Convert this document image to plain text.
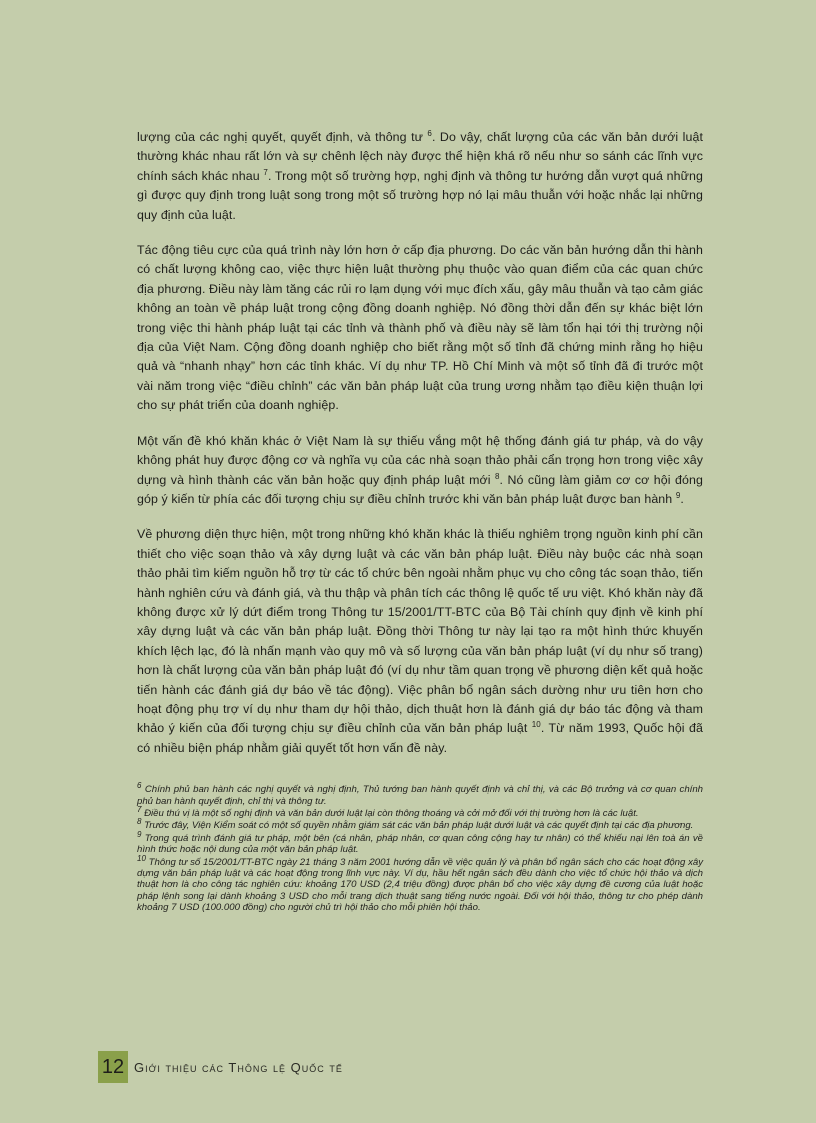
lượng của các nghị quyết, quyết định, và thông tư $^6$. Do vậy, chất lượng của các văn bản dưới luật thường khác nhau rất lớn và sự chênh lệch này được thể hiện khá rõ nếu như so sánh các lĩnh vực chính sách khác nhau $^7$. Trong một số trường hợp, nghị định và thông tư hướng dẫn vượt quá những gì được quy định trong luật song trong một số trường hợp nó lại mâu thuẫn với hoặc nhắc lại những quy định của luật.

Tác động tiêu cực của quá trình này lớn hơn ở cấp địa phương. Do các văn bản hướng dẫn thi hành có chất lượng không cao, việc thực hiện luật thường phụ thuộc vào quan điểm của các quan chức địa phương. Điều này làm tăng các rủi ro lạm dụng với mục đích xấu, gây mâu thuẫn và tạo cảm giác không an toàn về pháp luật trong cộng đồng doanh nghiệp. Nó đồng thời dẫn đến sự khác biệt lớn trong việc thi hành pháp luật tại các tỉnh và thành phố và điều này sẽ làm tổn hại tới thị trường nội địa của Việt Nam. Cộng đồng doanh nghiệp cho biết rằng một số tỉnh đã chứng minh rằng họ hiệu quả và “nhanh nhạy” hơn các tỉnh khác. Ví dụ như TP. Hồ Chí Minh và một số tỉnh đã đi trước một vài năm trong việc “điều chỉnh” các văn bản pháp luật của trung ương nhằm tạo điều kiện thuận lợi cho sự phát triển của doanh nghiệp.

Một vấn đề khó khăn khác ở Việt Nam là sự thiếu vắng một hệ thống đánh giá tư pháp, và do vậy không phát huy được động cơ và nghĩa vụ của các nhà soạn thảo phải cẩn trọng hơn trong việc xây dựng và hình thành các văn bản hoặc quy định pháp luật mới $^8$. Nó cũng làm giảm cơ cơ hội đóng góp ý kiến từ phía các đối tượng chịu sự điều chỉnh trước khi văn bản pháp luật được ban hành $^9$.

Về phương diện thực hiện, một trong những khó khăn khác là thiếu nghiêm trọng nguồn kinh phí cần thiết cho việc soạn thảo và xây dựng luật và các văn bản pháp luật. Điều này buộc các nhà soạn thảo phải tìm kiếm nguồn hỗ trợ từ các tổ chức bên ngoài nhằm phục vụ cho công tác soạn thảo, tiến hành nghiên cứu và đánh giá, và thu thập và phân tích các thông lệ quốc tế ưu việt. Khó khăn này đã không được xử lý dứt điểm trong Thông tư 15/2001/TT-BTC của Bộ Tài chính quy định về kinh phí xây dựng luật và các văn bản pháp luật. Đồng thời Thông tư này lại tạo ra một hình thức khuyến khích lệch lạc, đó là nhấn mạnh vào quy mô và số lượng của văn bản pháp luật (ví dụ như số trang) hơn là chất lượng của văn bản pháp luật đó (ví dụ như tầm quan trọng về phương diện kết quả hoặc tiến hành các đánh giá dự báo về tác động). Việc phân bổ ngân sách dường như ưu tiên hơn cho hoạt động phụ trợ ví dụ như tham dự hội thảo, dịch thuật hơn là đánh giá dự báo tác động và tham khảo ý kiến của đối tượng chịu sự điều chỉnh của văn bản pháp luật $^{10}$. Từ năm 1993, Quốc hội đã có nhiều biện pháp nhằm giải quyết tốt hơn vấn đề này.

$^6$ Chính phủ ban hành các nghị quyết và nghị định, Thủ tướng ban hành quyết định và chỉ thị, và các Bộ trưởng và cơ quan chính phủ ban hành quyết định, chỉ thị và thông tư.

$^7$ Điều thú vị là một số nghị định và văn bản dưới luật lại còn thông thoáng và cởi mở đối với thị trường hơn là các luật.

$^8$ Trước đây, Viện Kiểm soát có một số quyền nhằm giám sát các văn bản pháp luật dưới luật và các quyết định tại các địa phương.

$^9$ Trong quá trình đánh giá tư pháp, một bên (cá nhân, pháp nhân, cơ quan công cộng hay tư nhân) có thể khiếu nại lên toà án về hình thức hoặc nội dung của một văn bản pháp luật.

$^{10}$ Thông tư số 15/2001/TT-BTC ngày 21 tháng 3 năm 2001 hướng dẫn về việc quản lý và phân bổ ngân sách cho các hoạt động xây dựng văn bản pháp luật và các hoạt động trong lĩnh vực này. Ví dụ, hầu hết ngân sách đều dành cho việc tổ chức hội thảo và dịch thuật hơn là cho công tác nghiên cứu: khoảng 170 USD (2,4 triệu đồng) được phân bổ cho việc xây dựng đề cương của luật hoặc pháp lệnh song lại dành khoảng 3 USD cho mỗi trang dịch thuật sang tiếng nước ngoài. Đối với hội thảo, thông tư cho phép dành khoảng 7 USD (100.000 đồng) cho người chủ trì hội thảo cho mỗi phiên hội thảo.

12 Giới thiệu các Thông lệ Quốc tế
